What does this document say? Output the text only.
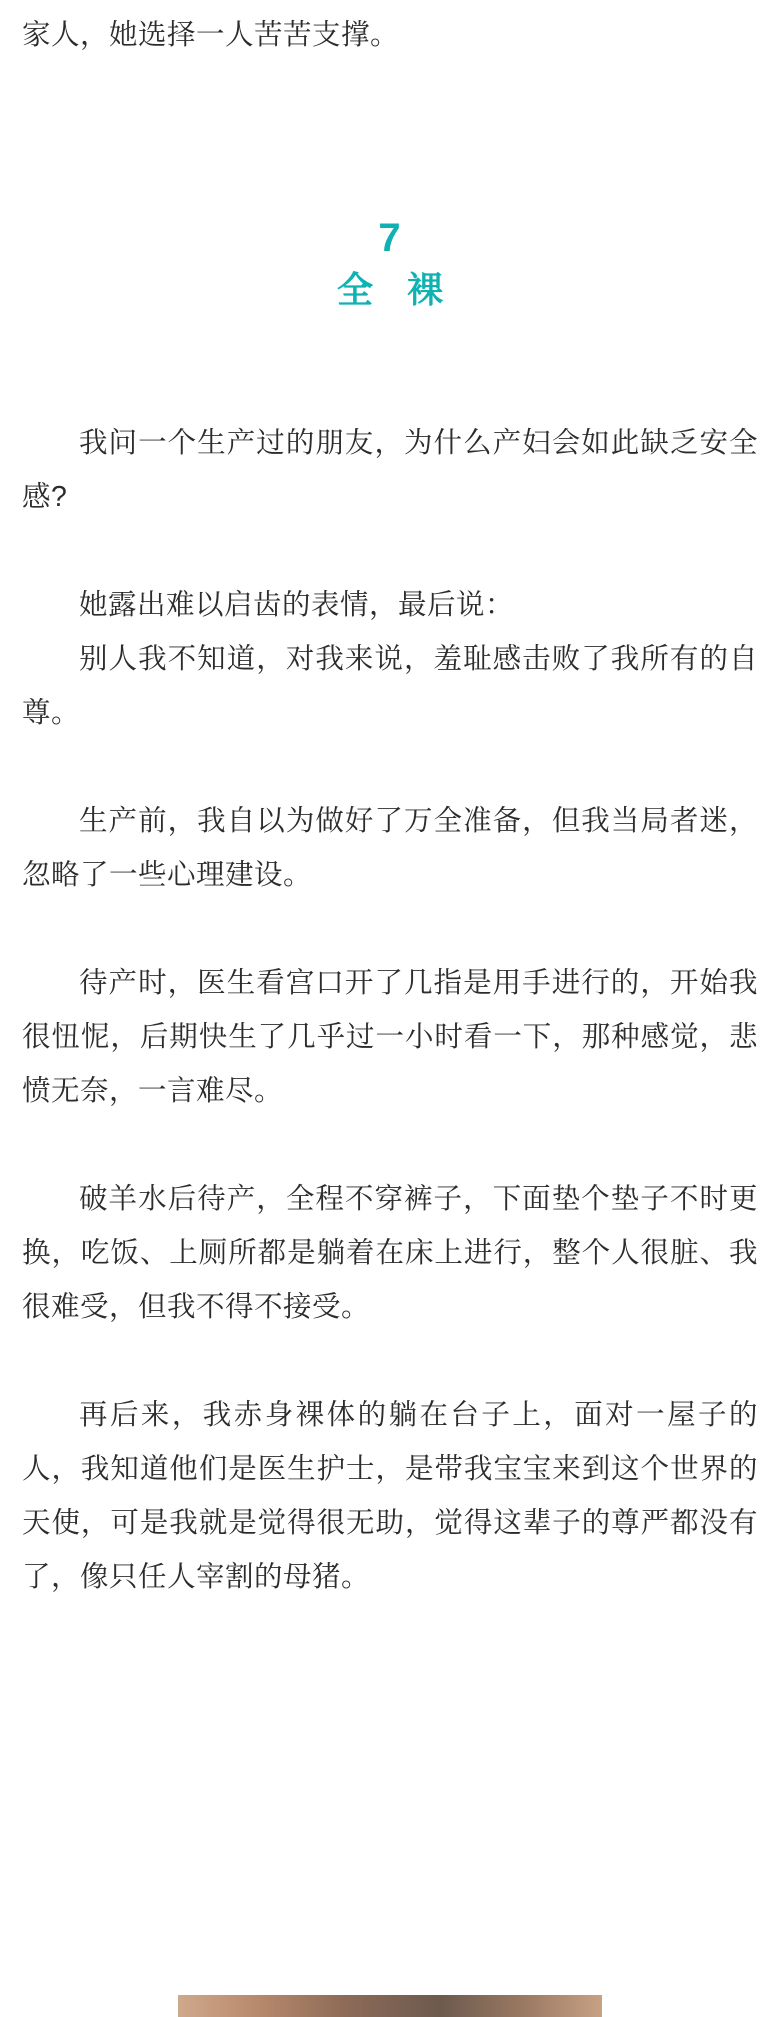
家人，她选择一人苦苦支撑。

7
全 裸

我问一个生产过的朋友，为什么产妇会如此缺乏安全感?

她露出难以启齿的表情，最后说：

别人我不知道，对我来说，羞耻感击败了我所有的自尊。

生产前，我自以为做好了万全准备，但我当局者迷，忽略了一些心理建设。

待产时，医生看宫口开了几指是用手进行的，开始我很忸怩，后期快生了几乎过一小时看一下，那种感觉，悲愤无奈，一言难尽。

破羊水后待产，全程不穿裤子，下面垫个垫子不时更换，吃饭、上厕所都是躺着在床上进行，整个人很脏、我很难受，但我不得不接受。

再后来，我赤身裸体的躺在台子上，面对一屋子的人，我知道他们是医生护士，是带我宝宝来到这个世界的天使，可是我就是觉得很无助，觉得这辈子的尊严都没有了，像只任人宰割的母猪。
